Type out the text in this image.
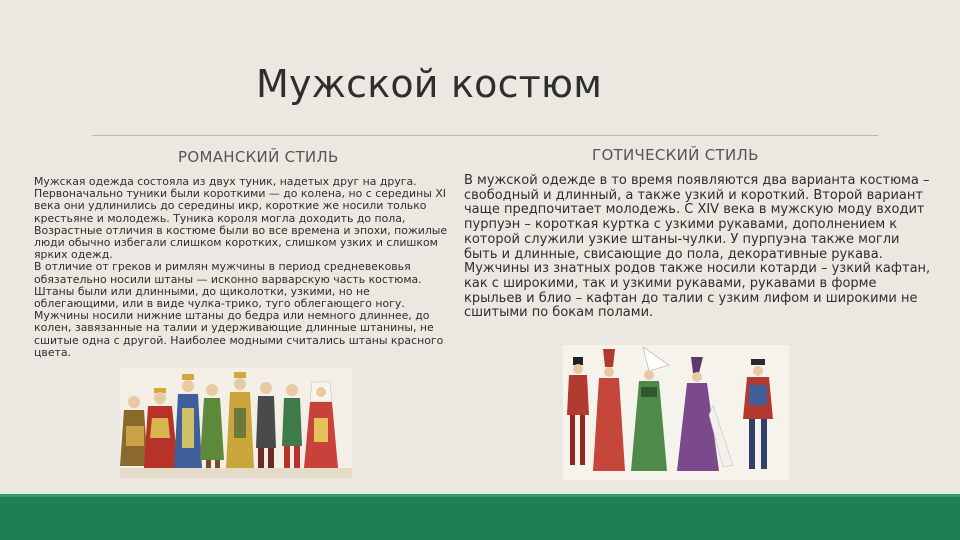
Мужской костюм
РОМАНСКИЙ СТИЛЬ	ГОТИЧЕСКИЙ СТИЛЬ

Мужская одежда состояла из двух туник, надетых друг на друга. Первоначально туники были короткими — до колена, но с середины XI века они удлинились до середины икр, короткие же носили только крестьяне и молодежь. Туника короля могла доходить до пола, Возрастные отличия в костюме были во все времена и эпохи, пожилые люди обычно избегали слишком коротких, слишком узких и слишком ярких одежд.

В отличие от греков и римлян мужчины в период средневековья обязательно носили штаны — исконно варварскую часть костюма. Штаны были или длинными, до щиколотки, узкими, но не облегающими, или в виде чулка-трико, туго облегающего ногу. Мужчины носили нижние штаны до бедра или немного длиннее, до колен, завязанные на талии и удерживающие длинные штанины, не сшитые одна с другой. Наиболее модными считались штаны красного цвета.

В мужской одежде в то время появляются два варианта костюма – свободный и длинный, а также узкий и короткий. Второй вариант чаще предпочитает молодежь. С XIV века в мужскую моду входит пурпуэн – короткая куртка с узкими рукавами, дополнением к которой служили узкие штаны-чулки. У пурпуэна также могли быть и длинные, свисающие до пола, декоративные рукава. Мужчины из знатных родов также носили котарди – узкий кафтан, как с широкими, так и узкими рукавами, рукавами в форме крыльев и блио – кафтан до талии с узким лифом и широкими не сшитыми по бокам полами.
